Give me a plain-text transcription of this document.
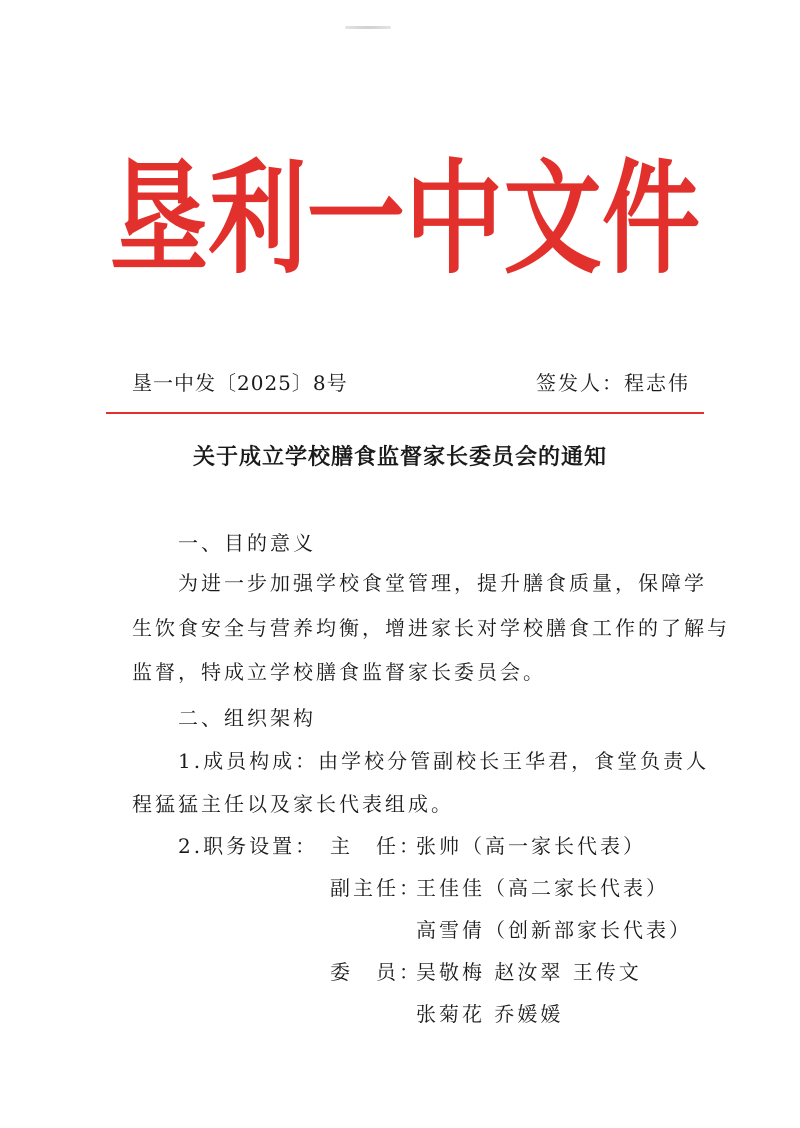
垦 利 一 中 文 件
垦一中发〔2025〕8号	签发人：程志伟
关于成立学校膳食监督家长委员会的通知
一、目的意义
为进一步加强学校食堂管理，提升膳食质量，保障学
生饮食安全与营养均衡，增进家长对学校膳食工作的了解与
监督，特成立学校膳食监督家长委员会。
二、组织架构
1.成员构成：由学校分管副校长王华君，食堂负责人
程猛猛主任以及家长代表组成。
2.职务设置： 主　任：
张帅（高一家长代表）
副主任：
王佳佳（高二家长代表）
高雪倩（创新部家长代表）
委　员：
吴敬梅 赵汝翠 王传文
张菊花 乔媛媛
